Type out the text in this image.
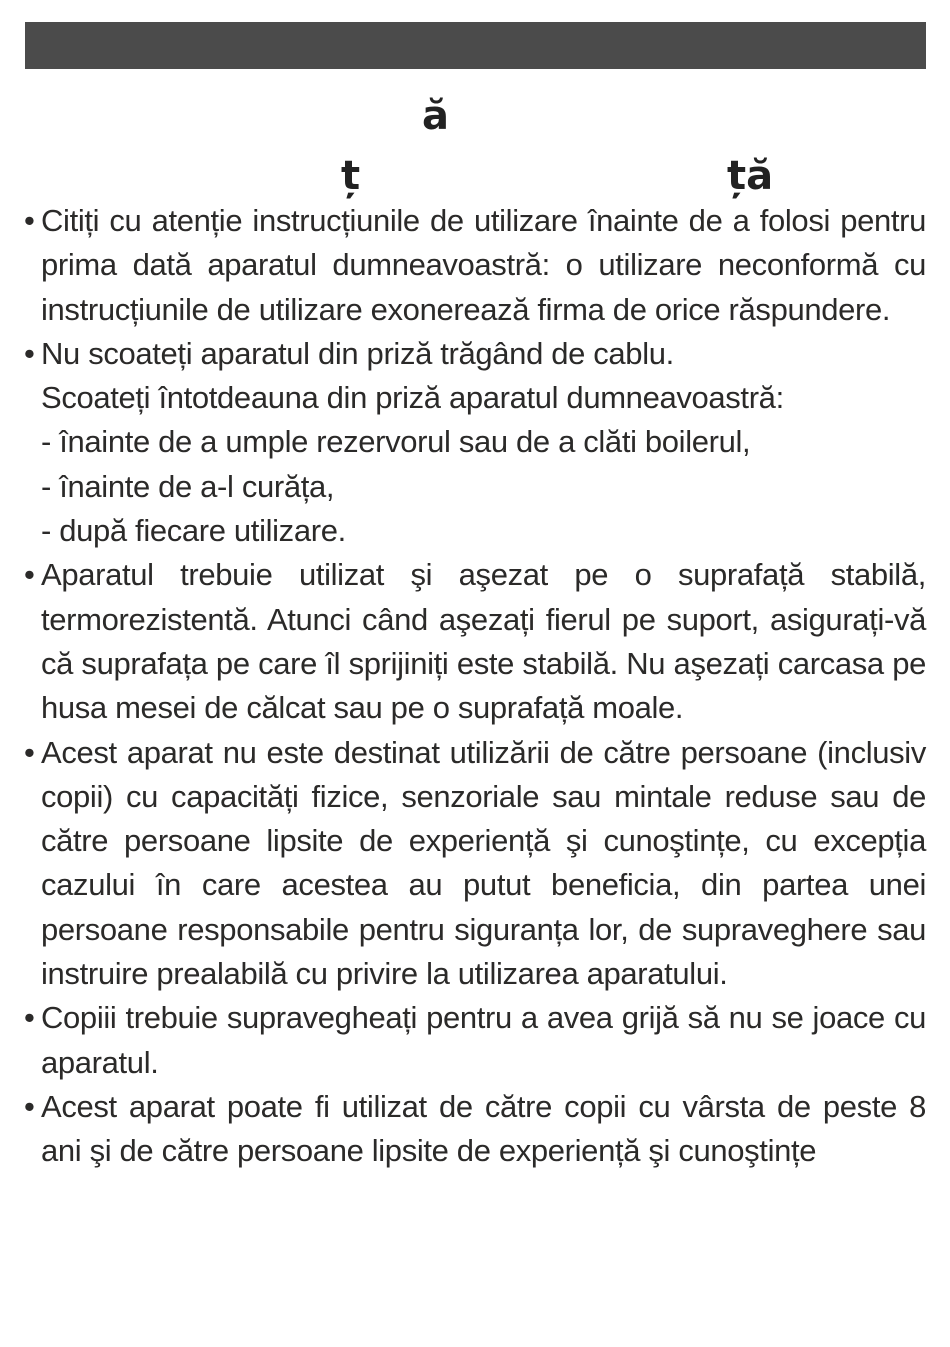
ă
ț	ță
• Citiți cu atenție instrucțiunile de utilizare înainte de a folosi pentru prima dată aparatul dumneavoastră: o utilizare neconformă cu instrucțiunile de utilizare exonerează firma de orice răspundere.
• Nu scoateți aparatul din priză trăgând de cablu.
Scoateți întotdeauna din priză aparatul dumneavoastră:
- înainte de a umple rezervorul sau de a clăti boilerul,
- înainte de a-l curăța,
- după fiecare utilizare.
• Aparatul trebuie utilizat şi aşezat pe o suprafață stabilă, termorezistentă. Atunci când aşezați fierul pe suport, asigurați-vă că suprafața pe care îl sprijiniți este stabilă. Nu aşezați carcasa pe husa mesei de călcat sau pe o suprafață moale.
• Acest aparat nu este destinat utilizării de către persoane (inclusiv copii) cu capacități fizice, senzoriale sau mintale reduse sau de către persoane lipsite de experiență şi cunoştințe, cu excepția cazului în care acestea au putut beneficia, din partea unei persoane responsabile pentru siguranța lor, de supraveghere sau instruire prealabilă cu privire la utilizarea aparatului.
• Copiii trebuie supravegheați pentru a avea grijă să nu se joace cu aparatul.
• Acest aparat poate fi utilizat de către copii cu vârsta de peste 8 ani şi de către persoane lipsite de experiență şi cunoştințe
